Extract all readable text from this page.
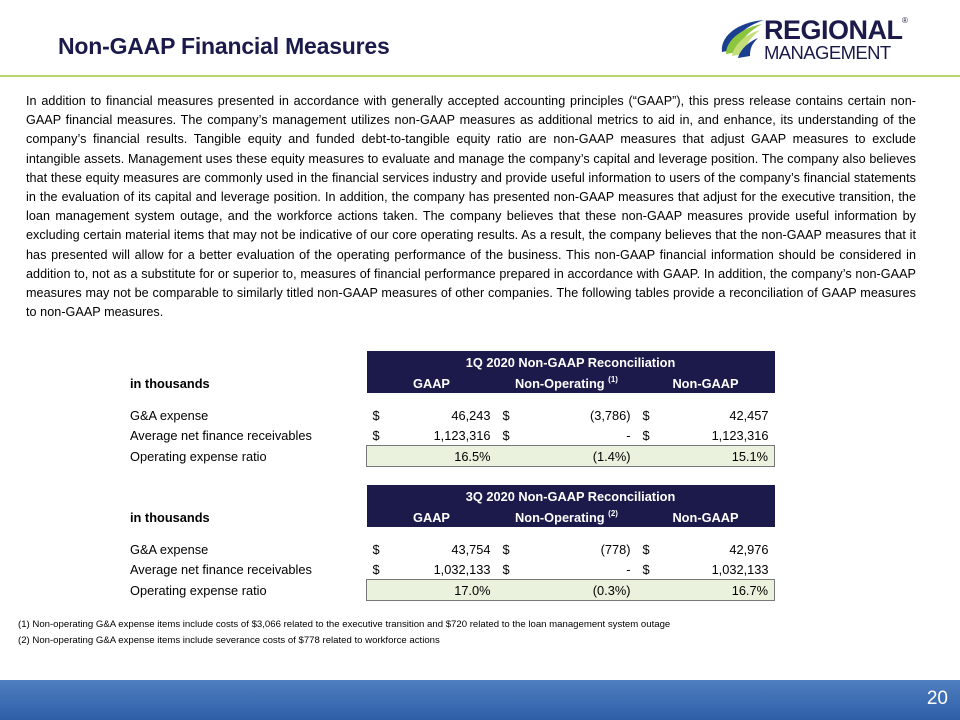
Non-GAAP Financial Measures
REGIONAL ®
MANAGEMENT
In addition to financial measures presented in accordance with generally accepted accounting principles (“GAAP”), this press release contains certain non-GAAP financial measures. The company’s management utilizes non-GAAP measures as additional metrics to aid in, and enhance, its understanding of the company’s financial results. Tangible equity and funded debt-to-tangible equity ratio are non-GAAP measures that adjust GAAP measures to exclude intangible assets. Management uses these equity measures to evaluate and manage the company’s capital and leverage position. The company also believes that these equity measures are commonly used in the financial services industry and provide useful information to users of the company’s financial statements in the evaluation of its capital and leverage position. In addition, the company has presented non-GAAP measures that adjust for the executive transition, the loan management system outage, and the workforce actions taken. The company believes that these non-GAAP measures provide useful information by excluding certain material items that may not be indicative of our core operating results. As a result, the company believes that the non-GAAP measures that it has presented will allow for a better evaluation of the operating performance of the business. This non-GAAP financial information should be considered in addition to, not as a substitute for or superior to, measures of financial performance prepared in accordance with GAAP. In addition, the company’s non-GAAP measures may not be comparable to similarly titled non-GAAP measures of other companies. The following tables provide a reconciliation of GAAP measures to non-GAAP measures.
	1Q 2020 Non-GAAP Reconciliation					
in thousands	GAAP		Non-Operating $^{(1)}$		Non-GAAP	

G&A expense	$	46,243	$	(3,786)	$	42,457
Average net finance receivables	$	1,123,316	$	-	$	1,123,316
Operating expense ratio		16.5%		(1.4%)		15.1%
	3Q 2020 Non-GAAP Reconciliation					
in thousands	GAAP		Non-Operating $^{(2)}$		Non-GAAP	

G&A expense	$	43,754	$	(778)	$	42,976
Average net finance receivables	$	1,032,133	$	-	$	1,032,133
Operating expense ratio		17.0%		(0.3%)		16.7%
(1) Non-operating G&A expense items include costs of $3,066 related to the executive transition and $720 related to the loan management system outage
(2) Non-operating G&A expense items include severance costs of $778 related to workforce actions
20
